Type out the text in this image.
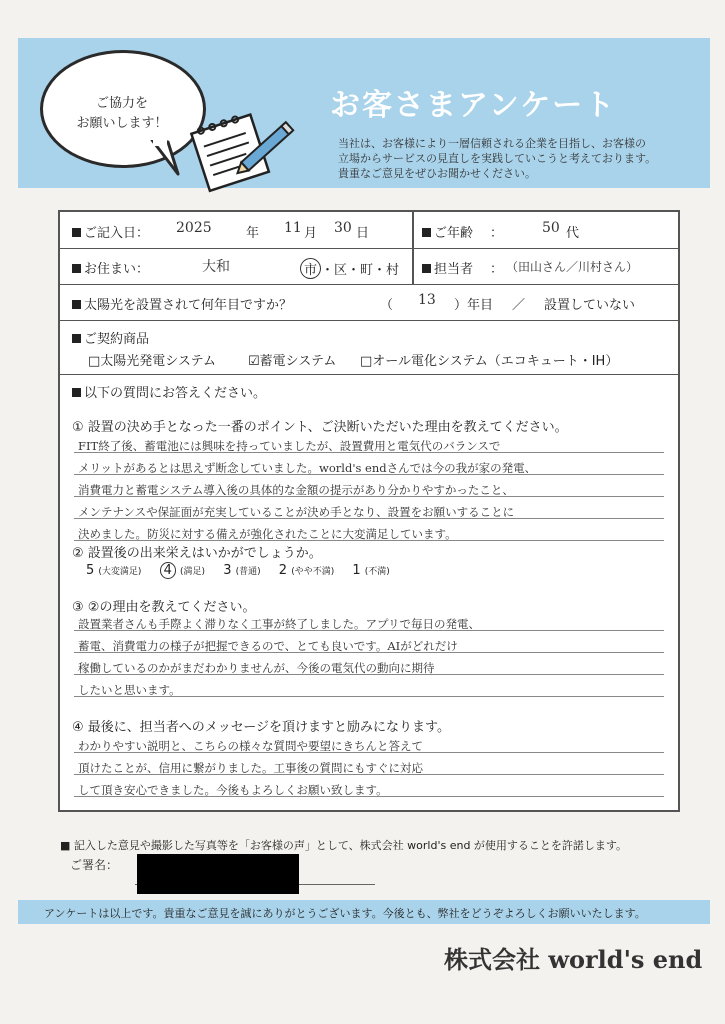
ご協力を
お願いします！
お客さまアンケート
当社は、お客様により一層信頼される企業を目指し、お客様の
立場からサービスの見直しを実践していこうと考えております。
貴重なご意見をぜひお聞かせください。
ご記入日： 2025	年 11 月 30 日	ご年齢 ：	50 代
お住まい：	大和	市 ・区・町・村	担当者 ： （田山さん／川村さん）
太陽光を設置されて何年目ですか？	（ 13 ）年目 ／ 設置していない
ご契約商品
□太陽光発電システム ☑蓄電システム □オール電化システム（エコキュート・IH）
以下の質問にお答えください。
① 設置の決め手となった一番のポイント、ご決断いただいた理由を教えてください。
FIT終了後、蓄電池には興味を持っていましたが、設置費用と電気代のバランスで
メリットがあるとは思えず断念していました。world's endさんでは今の我が家の発電、
消費電力と蓄電システム導入後の具体的な金額の提示があり分かりやすかったこと、
メンテナンスや保証面が充実していることが決め手となり、設置をお願いすることに
決めました。防災に対する備えが強化されたことに大変満足しています。
② 設置後の出来栄えはいかがでしょうか。
5 (大変満足) 4 (満足) 3 (普通) 2 (やや不満) 1 (不満)
③ ②の理由を教えてください。
設置業者さんも手際よく滞りなく工事が終了しました。アプリで毎日の発電、
蓄電、消費電力の様子が把握できるので、とても良いです。AIがどれだけ
稼働しているのかがまだわかりませんが、今後の電気代の動向に期待
したいと思います。
④ 最後に、担当者へのメッセージを頂けますと励みになります。
わかりやすい説明と、こちらの様々な質問や要望にきちんと答えて
頂けたことが、信用に繋がりました。工事後の質問にもすぐに対応
して頂き安心できました。今後もよろしくお願い致します。
■ 記入した意見や撮影した写真等を「お客様の声」として、株式会社 world's end が使用することを許諾します。
ご署名：
アンケートは以上です。貴重なご意見を誠にありがとうございます。今後とも、弊社をどうぞよろしくお願いいたします。
株式会社 world's end
